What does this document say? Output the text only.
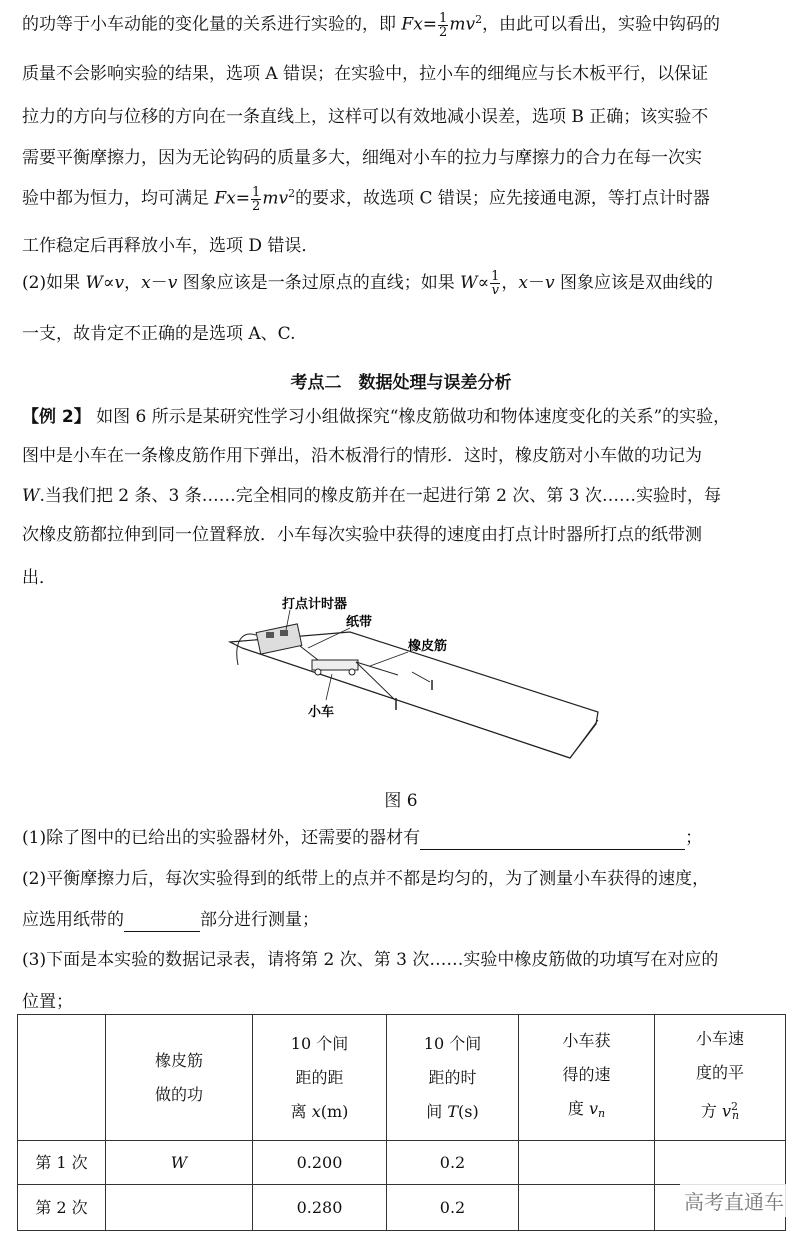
的功等于小车动能的变化量的关系进行实验的，即 $Fx= \frac{1}{2} mv^2$，由此可以看出，实验中钩码的
质量不会影响实验的结果，选项 A 错误；在实验中，拉小车的细绳应与长木板平行，以保证
拉力的方向与位移的方向在一条直线上，这样可以有效地减小误差，选项 B 正确；该实验不
需要平衡摩擦力，因为无论钩码的质量多大，细绳对小车的拉力与摩擦力的合力在每一次实
验中都为恒力，均可满足 $Fx= \frac{1}{2} mv^2$的要求，故选项 C 错误；应先接通电源，等打点计时器
工作稳定后再释放小车，选项 D 错误．
(2)如果 W∝v，x－v 图象应该是一条过原点的直线；如果 $W\propto \frac{1}{v}$，x－v 图象应该是双曲线的
一支，故肯定不正确的是选项 A、C.
考点二　数据处理与误差分析
【例 2】 如图 6 所示是某研究性学习小组做探究“橡皮筋做功和物体速度变化的关系”的实验，
图中是小车在一条橡皮筋作用下弹出，沿木板滑行的情形．这时，橡皮筋对小车做的功记为
W.当我们把 2 条、3 条……完全相同的橡皮筋并在一起进行第 2 次、第 3 次……实验时，每
次橡皮筋都拉伸到同一位置释放．小车每次实验中获得的速度由打点计时器所打点的纸带测
出．
打点计时器
纸带
橡皮筋
小车
图 6
(1)除了图中的已给出的实验器材外，还需要的器材有	；
(2)平衡摩擦力后，每次实验得到的纸带上的点并不都是均匀的，为了测量小车获得的速度，
应选用纸带的	部分进行测量；
(3)下面是本实验的数据记录表，请将第 2 次、第 3 次……实验中橡皮筋做的功填写在对应的
位置；
	橡皮筋
做的功	10 个间
距的距
离 x(m)	10 个间
距的时
间 T(s)	小车获
得的速
度 $v_n$	小车速
度的平
方 $v^2_n$
第 1 次	W	0.200	0.2		
第 2 次		0.280	0.2			高考直通车
